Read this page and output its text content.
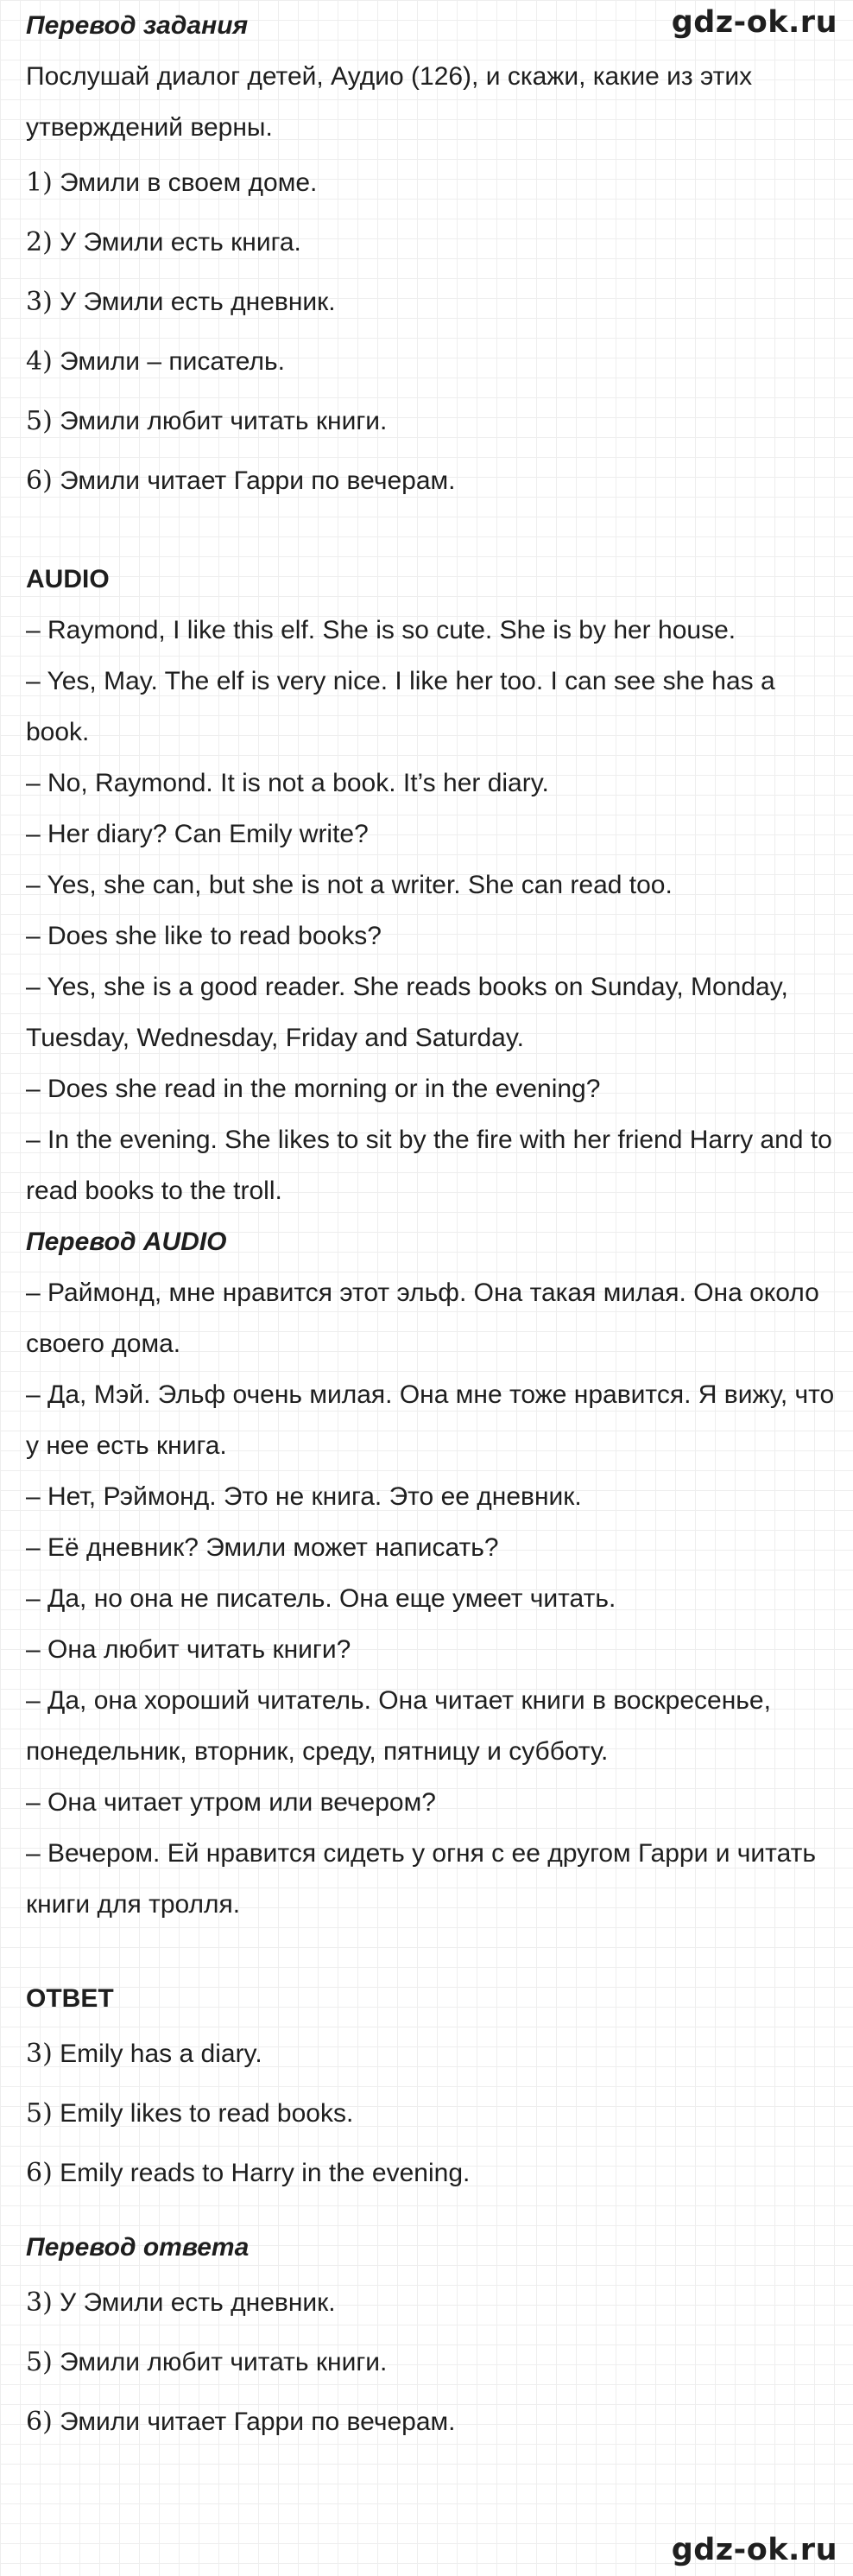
gdz-ok.ru
Перевод задания
Послушай диалог детей, Аудио (126), и скажи, какие из этих утверждений верны.
1) Эмили в своем доме.
2) У Эмили есть книга.
3) У Эмили есть дневник.
4) Эмили – писатель.
5) Эмили любит читать книги.
6) Эмили читает Гарри по вечерам.
AUDIO
– Raymond, I like this elf. She is so cute. She is by her house.
– Yes, May. The elf is very nice. I like her too. I can see she has a book.
– No, Raymond. It is not a book. It’s her diary.
– Her diary? Can Emily write?
– Yes, she can, but she is not a writer. She can read too.
– Does she like to read books?
– Yes, she is a good reader. She reads books on Sunday, Monday, Tuesday, Wednesday, Friday and Saturday.
– Does she read in the morning or in the evening?
– In the evening. She likes to sit by the fire with her friend Harry and to read books to the troll.
Перевод AUDIO
– Раймонд, мне нравится этот эльф. Она такая милая. Она около своего дома.
– Да, Мэй. Эльф очень милая. Она мне тоже нравится. Я вижу, что у нее есть книга.
– Нет, Рэймонд. Это не книга. Это ее дневник.
– Её дневник? Эмили может написать?
– Да, но она не писатель. Она еще умеет читать.
– Она любит читать книги?
– Да, она хороший читатель. Она читает книги в воскресенье, понедельник, вторник, среду, пятницу и субботу.
– Она читает утром или вечером?
– Вечером. Ей нравится сидеть у огня с ее другом Гарри и читать книги для тролля.
ОТВЕТ
3) Emily has a diary.
5) Emily likes to read books.
6) Emily reads to Harry in the evening.
Перевод ответа
3) У Эмили есть дневник.
5) Эмили любит читать книги.
6) Эмили читает Гарри по вечерам.
gdz-ok.ru
